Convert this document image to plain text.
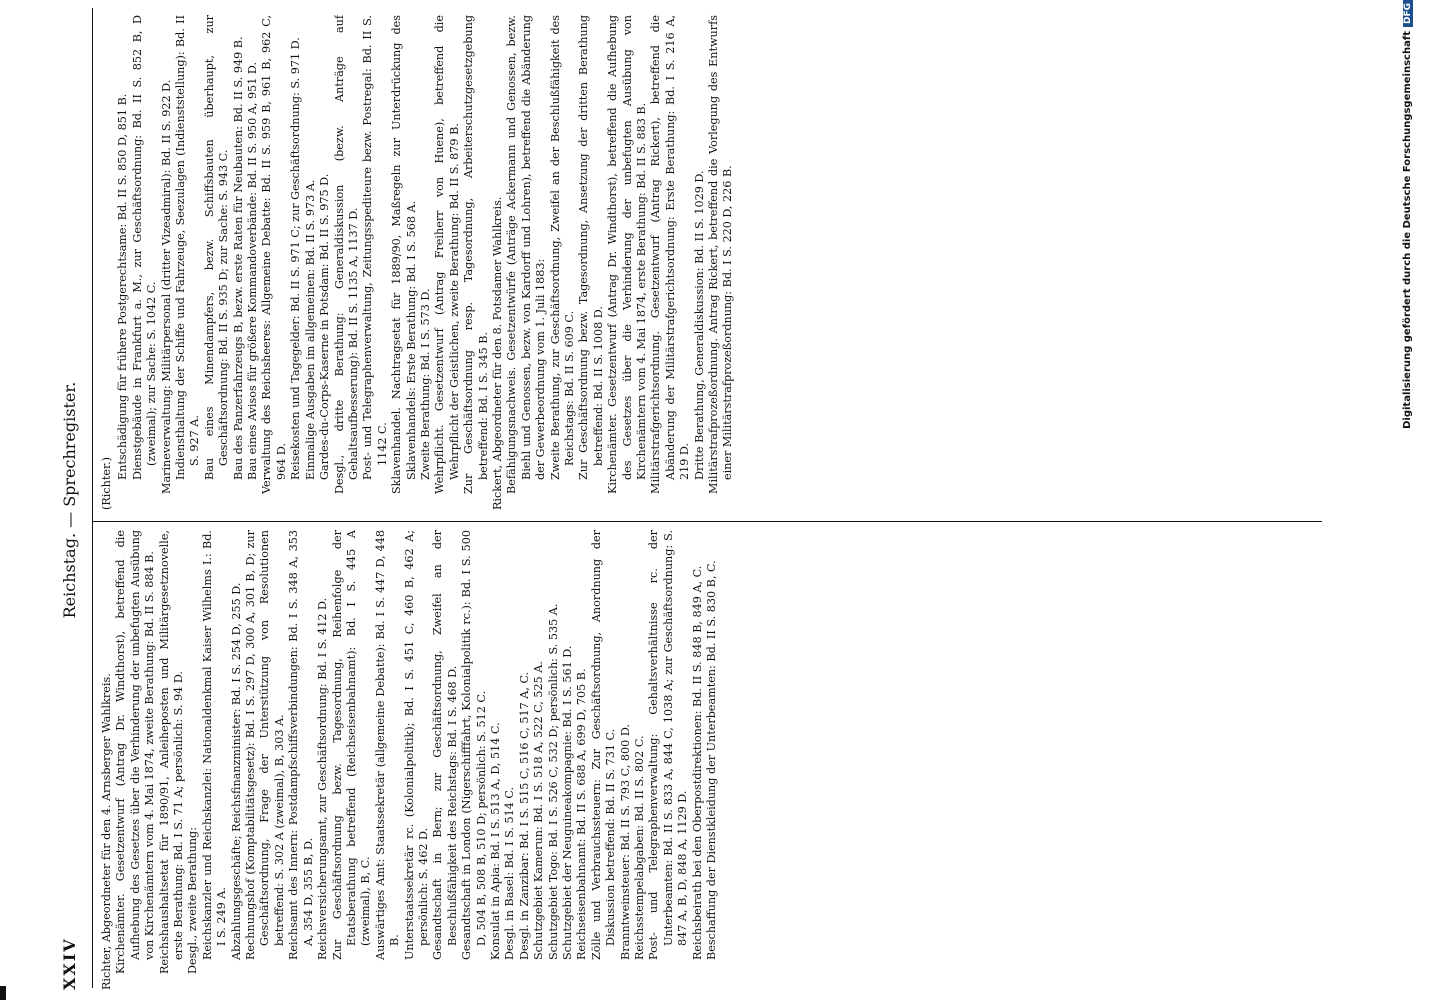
XXIV
Reichstag. — Sprechregister.

Richter, Abgeordneter für den 4. Arnsberger Wahlkreis. Kirchenämter. Gesetzentwurf (Antrag Dr. Windthorst), betreffend die Aufhebung des Gesetzes über die Verhinderung der unbefugten Ausübung von Kirchenämtern vom 4. Mai 1874, zweite Berathung: Bd. II S. 884 B. Reichshaushaltsetat für 1890/91, Anleiheposten und Militärgesetznovelle, erste Berathung: Bd. I S. 71 A; persönlich: S. 94 D. Desgl., zweite Berathung: Reichskanzler und Reichskanzlei: Nationaldenkmal Kaiser Wilhelms I.: Bd. I S. 249 A. Abzahlungsgeschäfte; Reichsfinanzminister: Bd. I S. 254 D, 255 D. Rechnungshof (Komptabilitätsgesetz): Bd. I S. 297 D, 300 A, 301 B, D; zur Geschäftsordnung, Frage der Unterstützung von Resolutionen betreffend: S. 302 A (zweimal), B, 303 A. Reichsamt des Innern: Postdampfschiffsverbindungen: Bd. I S. 348 A, 353 A, 354 D, 355 B, D. Reichsversicherungsamt, zur Geschäftsordnung: Bd. I S. 412 D. Zur Geschäftsordnung bezw. Tagesordnung, Reihenfolge der Etatsberathung betreffend (Reichseisenbahnamt): Bd. I S. 445 A (zweimal), B, C. Auswärtiges Amt: Staatssekretär (allgemeine Debatte): Bd. I S. 447 D, 448 B. Unterstaatssekretär rc. (Kolonialpolitik); Bd. I S. 451 C, 460 B, 462 A; persönlich: S. 462 D. Gesandtschaft in Bern; zur Geschäftsordnung, Zweifel an der Beschlußfähigkeit des Reichstags: Bd. I S. 468 D. Gesandtschaft in London (Nigerschifffahrt, Kolonialpolitik rc.): Bd. I S. 500 D, 504 B, 508 B, 510 D; persönlich: S. 512 C. Konsulat in Apia: Bd. I S. 513 A, D, 514 C. Desgl. in Basel: Bd. I S. 514 C. Desgl. in Zanzibar: Bd. I S. 515 C, 516 C, 517 A, C. Schutzgebiet Kamerun: Bd. I S. 518 A, 522 C, 525 A. Schutzgebiet Togo: Bd. I S. 526 C, 532 D; persönlich: S. 535 A. Schutzgebiet der Neuguineakompagnie: Bd. I S. 561 D. Reichseisenbahnamt: Bd. II S. 688 A, 699 D, 705 B. Zölle und Verbrauchssteuern: Zur Geschäftsordnung, Anordnung der Diskussion betreffend: Bd. II S. 731 C. Branntweinsteuer: Bd. II S. 793 C, 800 D. Reichsstempelabgaben: Bd. II S. 802 C. Post- und Telegraphenverwaltung: Gehaltsverhältnisse rc. der Unterbeamten: Bd. II S. 833 A, 844 C, 1038 A; zur Geschäftsordnung: S. 847 A, B, D, 848 A, 1129 D. Reichsbeirath bei den Oberpostdirektionen: Bd. II S. 848 B, 849 A, C. Beschaffung der Dienstkleidung der Unterbeamten: Bd. II S. 830 B, C.

(Richter.)

Entschädigung für frühere Postgerechtsame: Bd. II S. 850 D, 851 B. Dienstgebäude in Frankfurt a. M., zur Geschäftsordnung: Bd. II S. 852 B, D (zweimal); zur Sache: S. 1042 C. Marineverwaltung: Militärpersonal (dritter Vizeadmiral): Bd. II S. 922 D. Indiensthaltung der Schiffe und Fahrzeuge, Seezulagen (Indienststellung): Bd. II S. 927 A. Bau eines Minendampfers, bezw. Schiffsbauten überhaupt, zur Geschäftsordnung: Bd. II S. 935 D; zur Sache: S. 943 C. Bau des Panzerfahrzeugs B, bezw. erste Raten für Neubauten: Bd. II S. 949 B. Bau eines Avisos für größere Kommandoverbände: Bd. II S. 950 A, 951 D. Verwaltung des Reichsheeres: Allgemeine Debatte: Bd. II S. 959 B, 961 B, 962 C, 964 D. Reisekosten und Tagegelder: Bd. II S. 971 C; zur Geschäftsordnung: S. 971 D. Einmalige Ausgaben im allgemeinen: Bd. II S. 973 A. Gardes-du-Corps-Kaserne in Potsdam: Bd. II S. 975 D. Desgl., dritte Berathung: Generaldiskussion (bezw. Anträge auf Gehaltsaufbesserung): Bd. II S. 1135 A, 1137 D. Post- und Telegraphenverwaltung, Zeitungsspediteure bezw. Postregal: Bd. II S. 1142 C. Sklavenhandel. Nachtragsetat für 1889/90, Maßregeln zur Unterdrückung des Sklavenhandels: Erste Berathung: Bd. I S. 568 A. Zweite Berathung: Bd. I S. 573 D. Wehrpflicht. Gesetzentwurf (Antrag Freiherr von Huene), betreffend die Wehrpflicht der Geistlichen, zweite Berathung: Bd. II S. 879 B. Zur Geschäftsordnung resp. Tagesordnung, Arbeiterschutzgesetzgebung betreffend: Bd. I S. 345 B. Rickert, Abgeordneter für den 8. Potsdamer Wahlkreis. Befähigungsnachweis. Gesetzentwürfe (Anträge Ackermann und Genossen, bezw. Biehl und Genossen, bezw. von Kardorff und Lohren), betreffend die Abänderung der Gewerbeordnung vom 1. Juli 1883: Zweite Berathung, zur Geschäftsordnung, Zweifel an der Beschlußfähigkeit des Reichstags: Bd. II S. 609 C. Zur Geschäftsordnung bezw. Tagesordnung, Ansetzung der dritten Berathung betreffend: Bd. II S. 1008 D. Kirchenämter. Gesetzentwurf (Antrag Dr. Windthorst), betreffend die Aufhebung des Gesetzes über die Verhinderung der unbefugten Ausübung von Kirchenämtern vom 4. Mai 1874, erste Berathung: Bd. II S. 883 B. Militärstrafgerichtsordnung. Gesetzentwurf (Antrag Rickert), betreffend die Abänderung der Militärstrafgerichtsordnung: Erste Berathung: Bd. I S. 216 A, 219 D. Dritte Berathung, Generaldiskussion: Bd. II S. 1029 D. Militärstrafprozeßordnung. Antrag Rickert, betreffend die Vorlegung des Entwurfs einer Militärstrafprozeßordnung: Bd. I S. 220 D, 226 B.	Digitalisierung gefördert durch die Deutsche ForschungsgemeinschaftDFG
